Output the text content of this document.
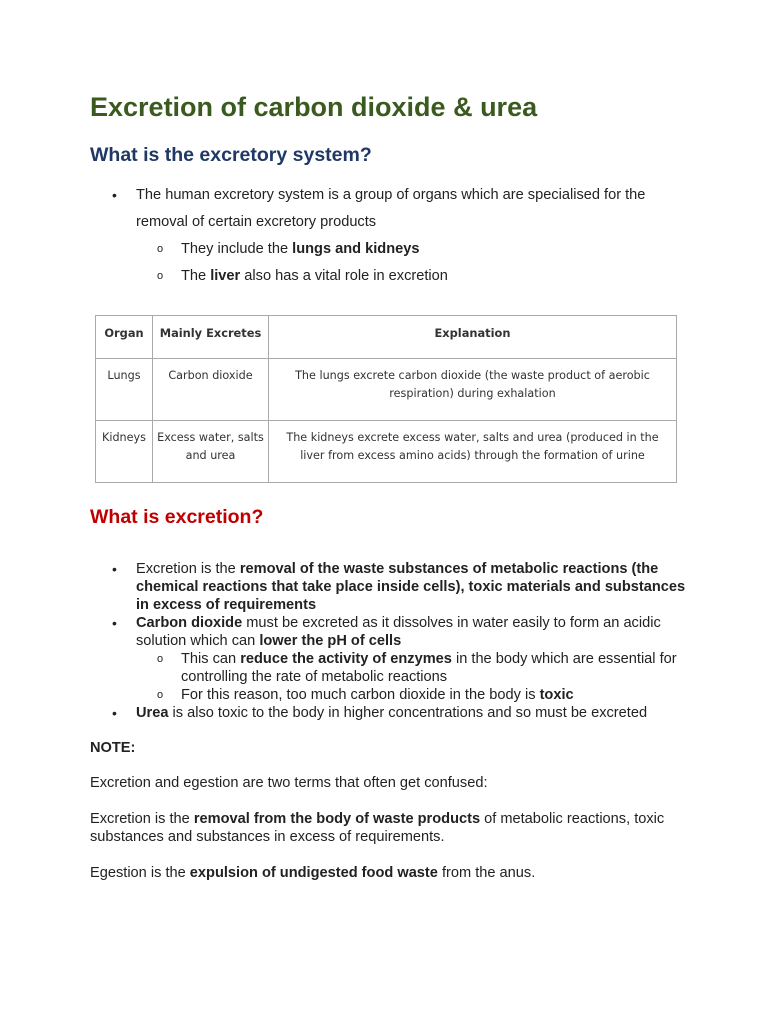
Excretion of carbon dioxide & urea
What is the excretory system?
• The human excretory system is a group of organs which are specialised for the removal of certain excretory products
o They include the lungs and kidneys
o The liver also has a vital role in excretion
Organ	Mainly Excretes	Explanation
Lungs	Carbon dioxide	The lungs excrete carbon dioxide (the waste product of aerobic respiration) during exhalation
Kidneys	Excess water, salts and urea	The kidneys excrete excess water, salts and urea (produced in the liver from excess amino acids) through the formation of urine
What is excretion?
• Excretion is the removal of the waste substances of metabolic reactions (the chemical reactions that take place inside cells), toxic materials and substances in excess of requirements
• Carbon dioxide must be excreted as it dissolves in water easily to form an acidic solution which can lower the pH of cells
o This can reduce the activity of enzymes in the body which are essential for controlling the rate of metabolic reactions
o For this reason, too much carbon dioxide in the body is toxic
• Urea is also toxic to the body in higher concentrations and so must be excreted

NOTE:

Excretion and egestion are two terms that often get confused:

Excretion is the removal from the body of waste products of metabolic reactions, toxic substances and substances in excess of requirements.

Egestion is the expulsion of undigested food waste from the anus.
